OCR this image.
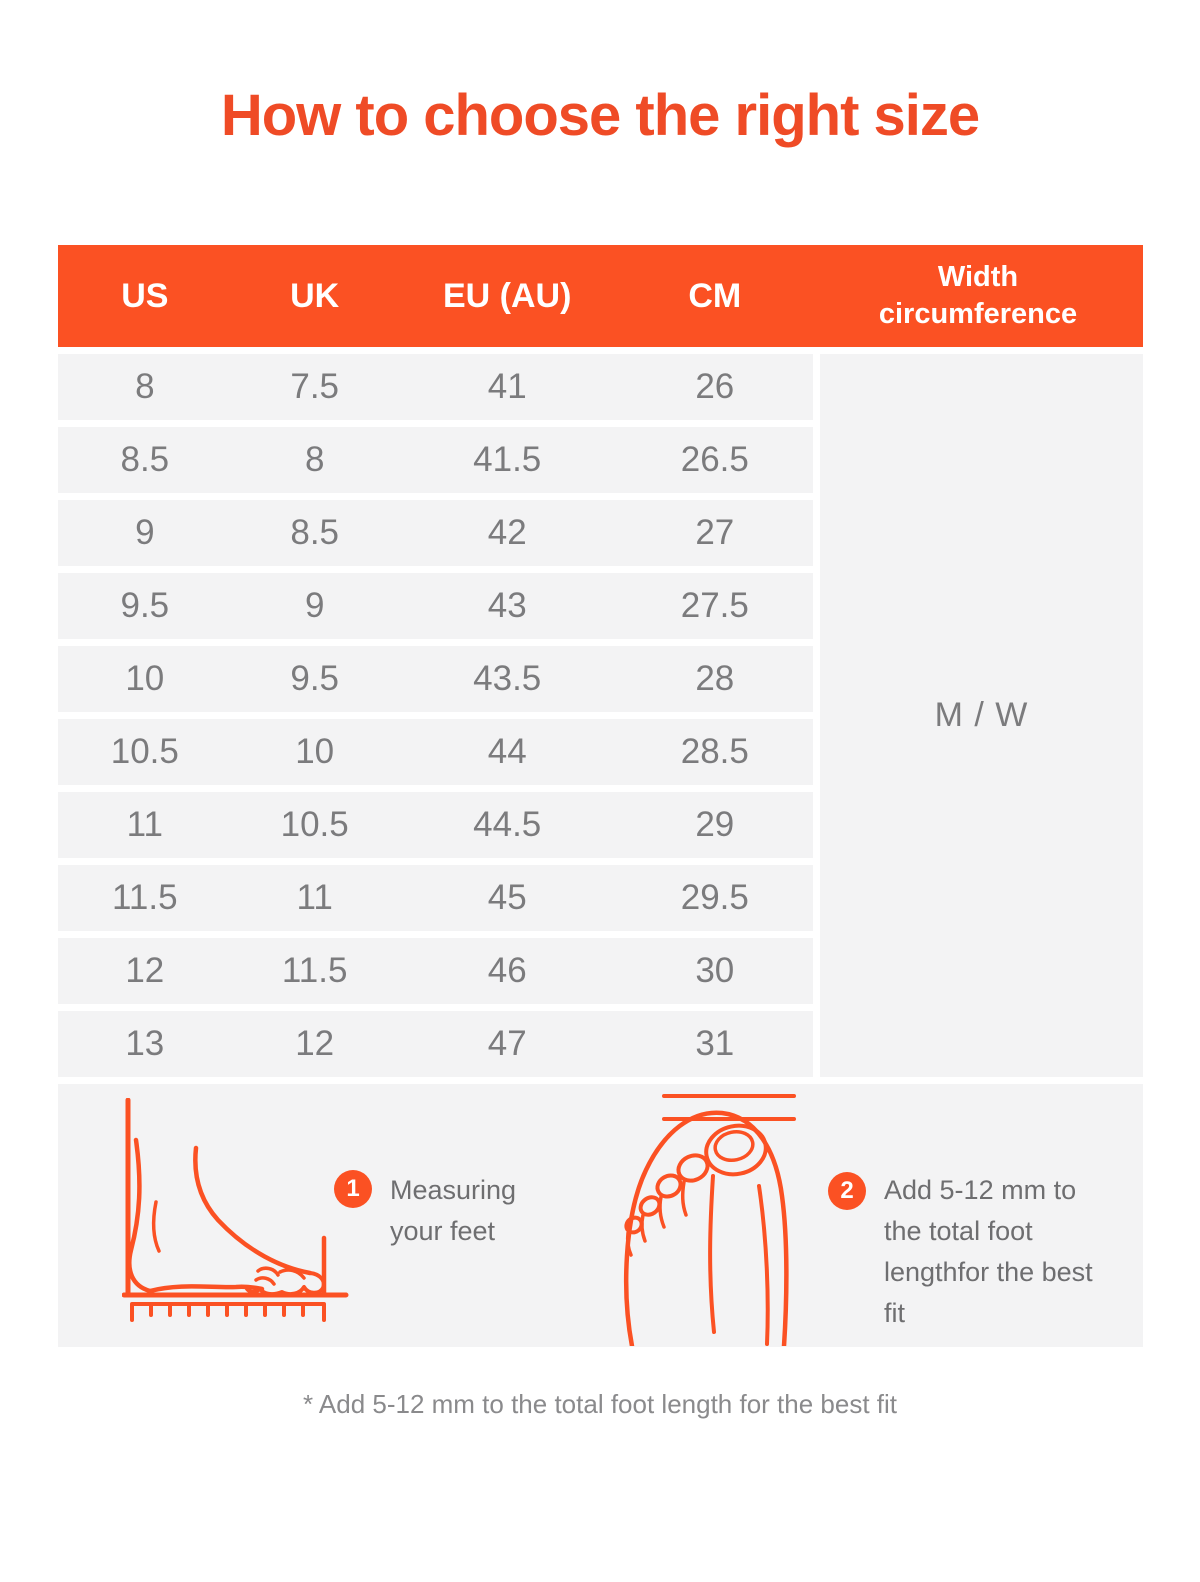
How to choose the right size
US	UK	EU (AU)	CM	Width circumference
8	7.5	41	26
8.5	8	41.5	26.5
9	8.5	42	27
9.5	9	43	27.5
10	9.5	43.5	28
10.5	10	44	28.5
11	10.5	44.5	29
11.5	11	45	29.5
12	11.5	46	30
13	12	47	31
M / W
1	Measuring your feet
2	Add 5-12 mm to the total foot lengthfor the best fit

* Add 5-12 mm to the total foot length for the best fit
